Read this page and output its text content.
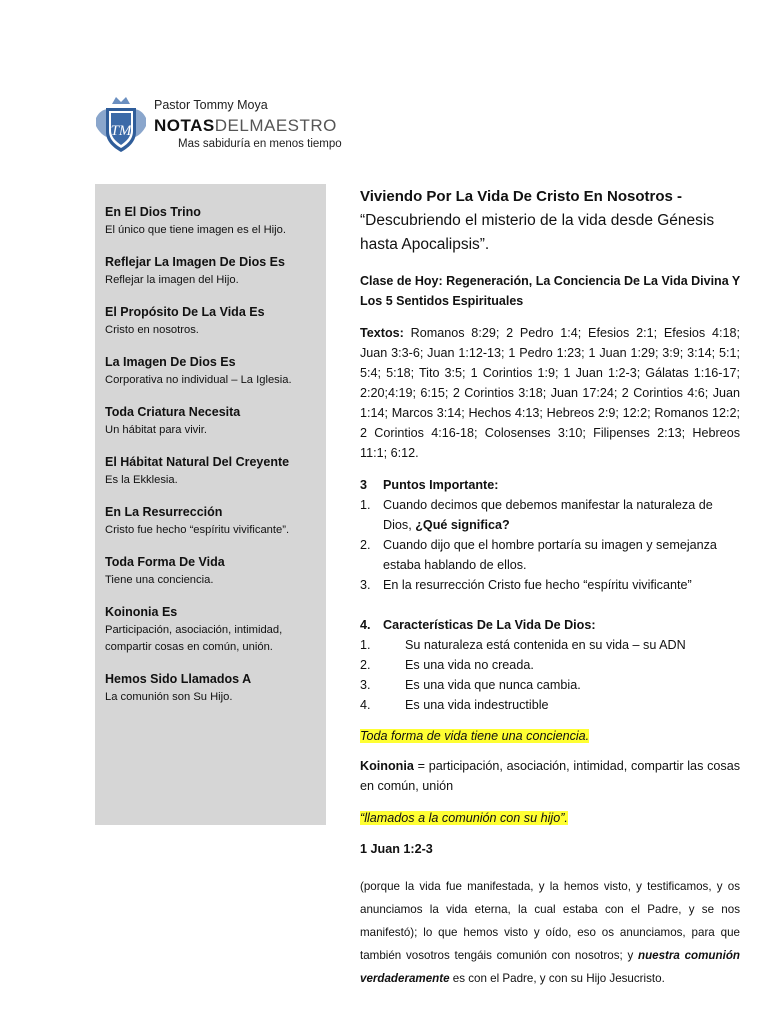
TM
Pastor Tommy Moya
NOTASDELMAESTRO
Mas sabiduría en menos tiempo
En El Dios Trino
El único que tiene imagen es el Hijo.
Reflejar La Imagen De Dios Es
Reflejar la imagen del Hijo.
El Propósito De La Vida Es
Cristo en nosotros.
La Imagen De Dios Es
Corporativa no individual – La Iglesia.
Toda Criatura Necesita
Un hábitat para vivir.
El Hábitat Natural Del Creyente
Es la Ekklesia.
En La Resurrección
Cristo fue hecho “espíritu vivificante”.
Toda Forma De Vida
Tiene una conciencia.
Koinonia Es
Participación, asociación, intimidad, compartir cosas en común, unión.
Hemos Sido Llamados A
La comunión son Su Hijo.
Viviendo Por La Vida De Cristo En Nosotros -
“Descubriendo el misterio de la vida desde Génesis hasta Apocalipsis”.
Clase de Hoy: Regeneración, La Conciencia De La Vida Divina Y Los 5 Sentidos Espirituales
Textos: Romanos 8:29; 2 Pedro 1:4; Efesios 2:1; Efesios 4:18; Juan 3:3-6; Juan 1:12-13; 1 Pedro 1:23; 1 Juan 1:29; 3:9; 3:14; 5:1; 5:4; 5:18; Tito 3:5; 1 Corintios 1:9; 1 Juan 1:2-3; Gálatas 1:16-17; 2:20;4:19; 6:15; 2 Corintios 3:18; Juan 17:24; 2 Corintios 4:6; Juan 1:14; Marcos 3:14; Hechos 4:13; Hebreos 2:9; 12:2; Romanos 12:2; 2 Corintios 4:16-18; Colosenses 3:10; Filipenses 2:13; Hebreos 11:1; 6:12.
3 Puntos Importante:
1. Cuando decimos que debemos manifestar la naturaleza de Dios, ¿Qué significa?
2. Cuando dijo que el hombre portaría su imagen y semejanza estaba hablando de ellos.
3. En la resurrección Cristo fue hecho “espíritu vivificante”
4. Características De La Vida De Dios:
1.	Su naturaleza está contenida en su vida – su ADN
2.	Es una vida no creada.
3.	Es una vida que nunca cambia.
4.	Es una vida indestructible
Toda forma de vida tiene una conciencia.
Koinonia = participación, asociación, intimidad, compartir las cosas en común, unión
“llamados a la comunión con su hijo”.
1 Juan 1:2-3
(porque la vida fue manifestada, y la hemos visto, y testificamos, y os anunciamos la vida eterna, la cual estaba con el Padre, y se nos manifestó); lo que hemos visto y oído, eso os anunciamos, para que también vosotros tengáis comunión con nosotros; y nuestra comunión verdaderamente es con el Padre, y con su Hijo Jesucristo.
